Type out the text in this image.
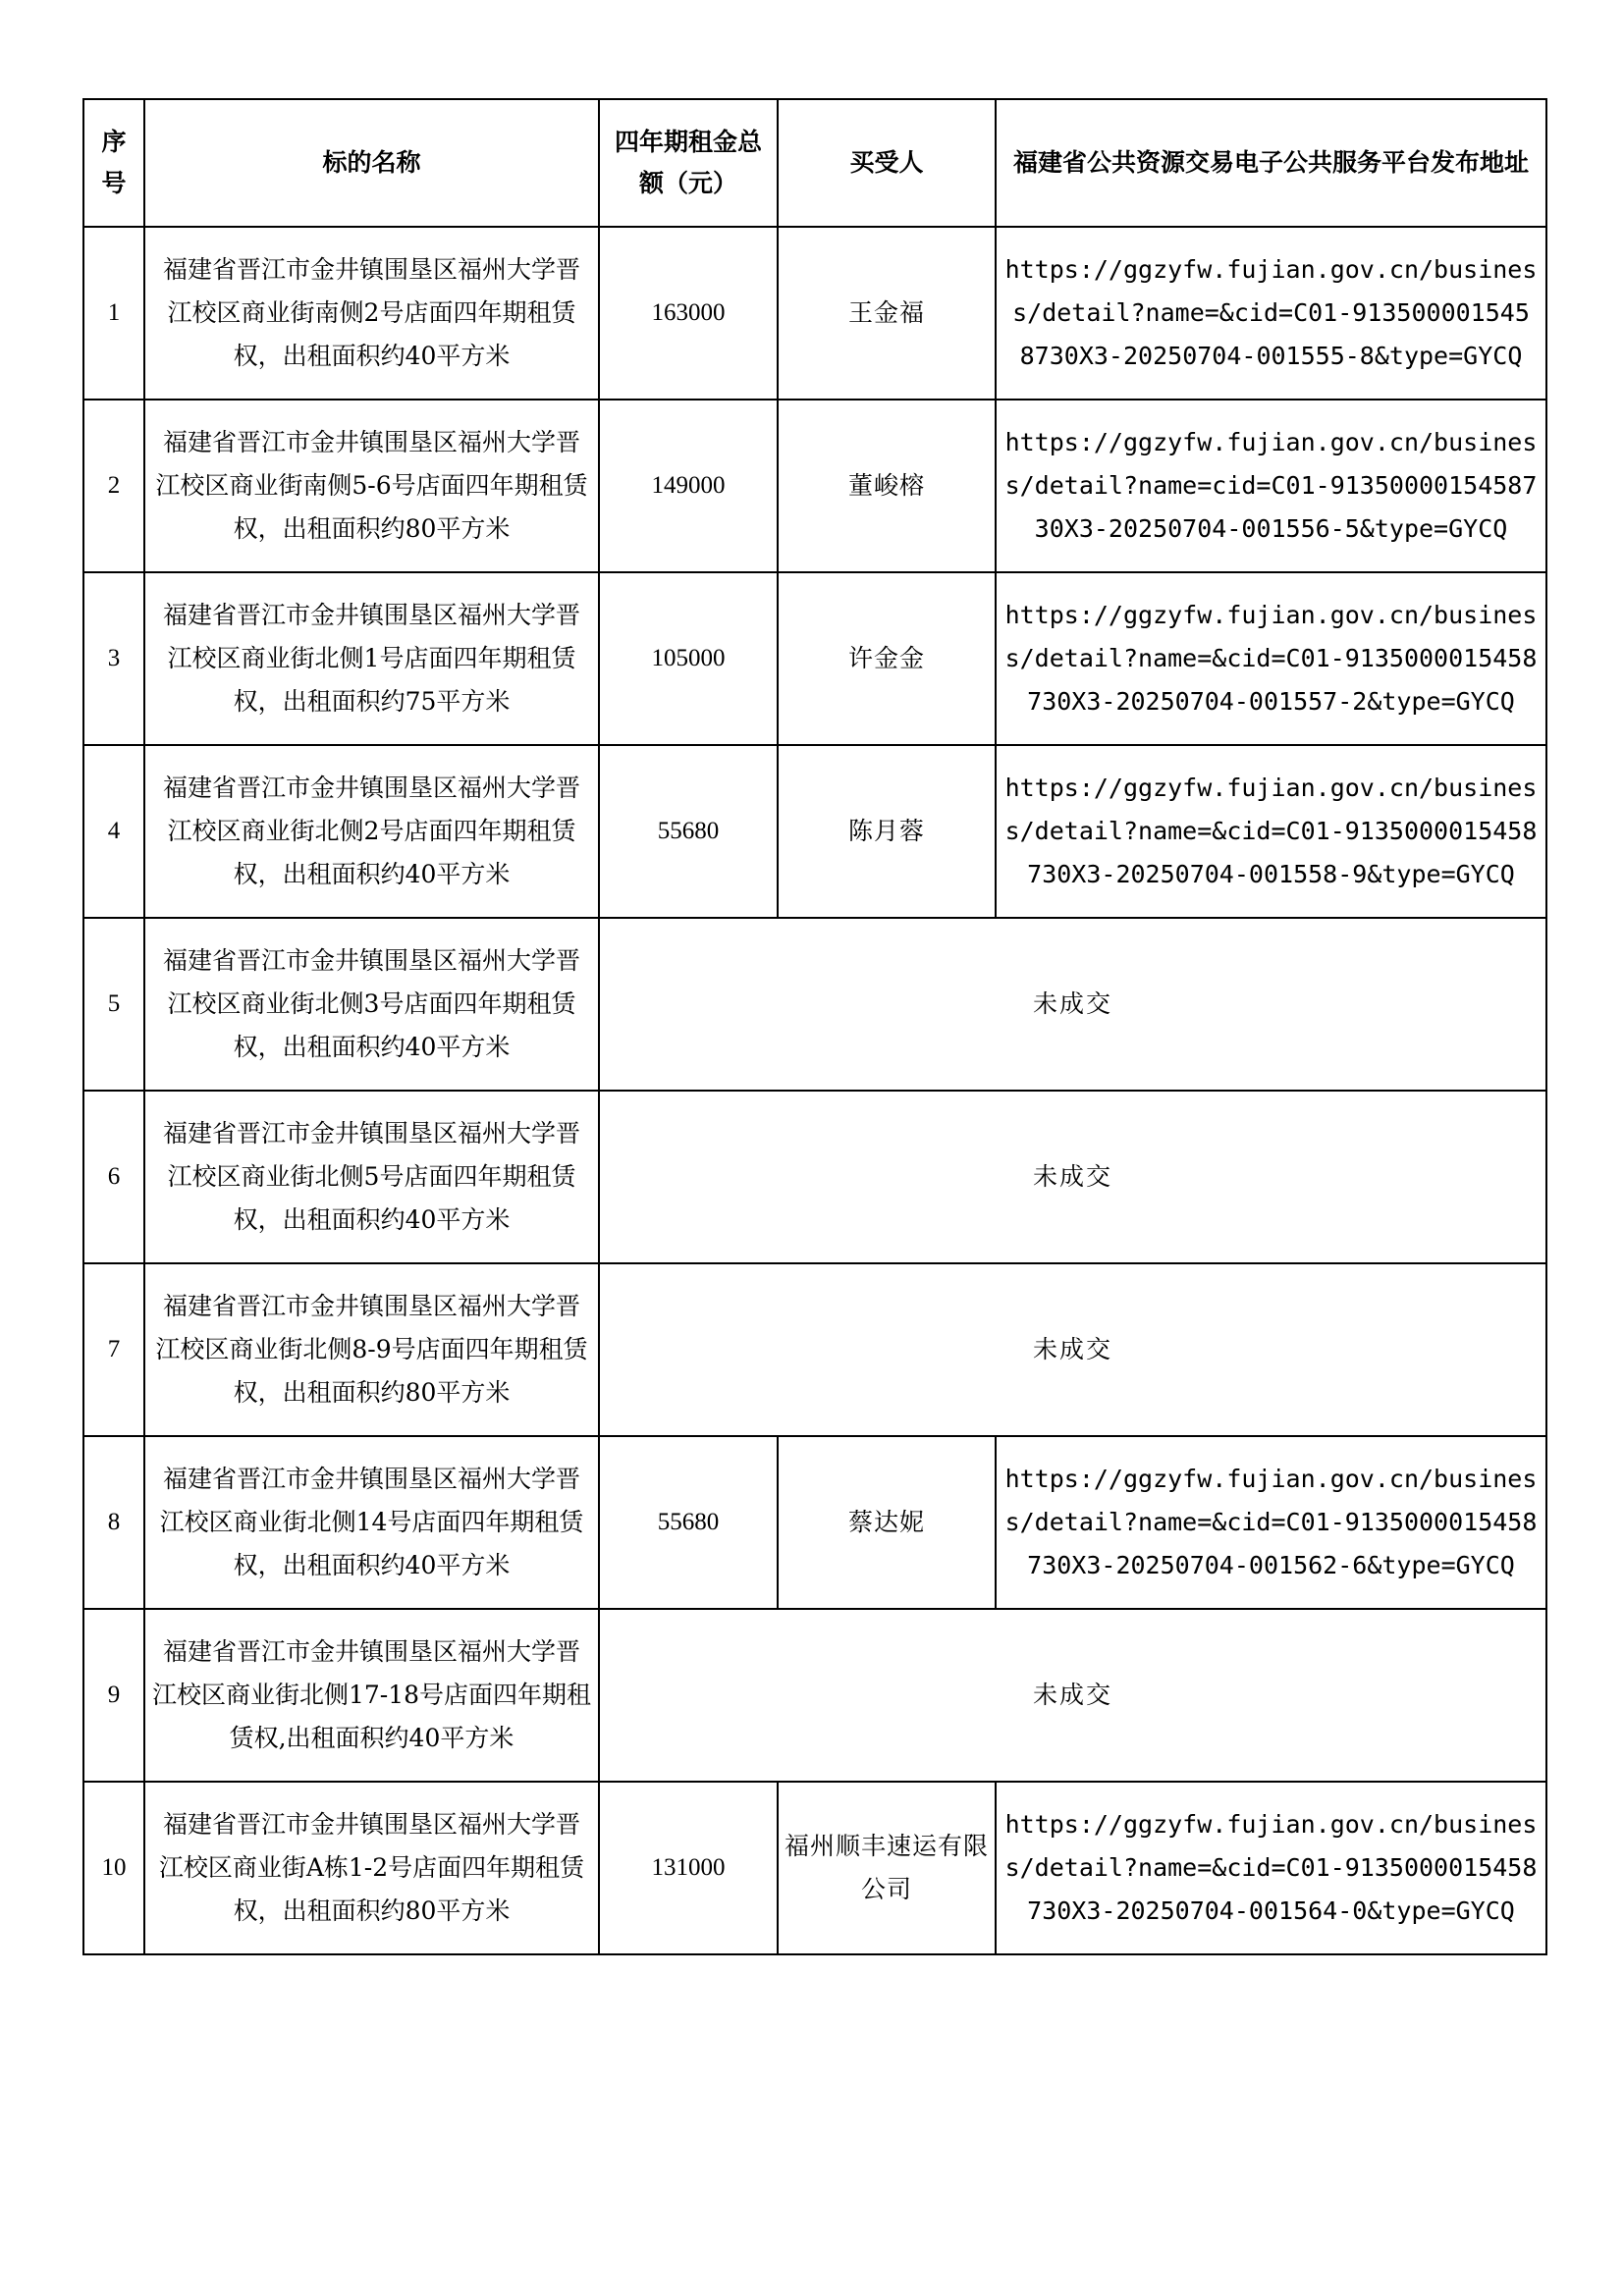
序号	标的名称	四年期租金总额（元）	买受人	福建省公共资源交易电子公共服务平台发布地址
1	福建省晋江市金井镇围垦区福州大学晋江校区商业街南侧2号店面四年期租赁权，出租面积约40平方米	163000	王金福	https://ggzyfw.fujian.gov.cn/business/detail?name=&cid=C01-913500001545 8730X3-20250704-001555-8&type=GYCQ
2	福建省晋江市金井镇围垦区福州大学晋江校区商业街南侧5-6号店面四年期租赁权，出租面积约80平方米	149000	董峻榕	https://ggzyfw.fujian.gov.cn/business/detail?name=cid=C01-9135000015458730X3-20250704-001556-5&type=GYCQ
3	福建省晋江市金井镇围垦区福州大学晋江校区商业街北侧1号店面四年期租赁权，出租面积约75平方米	105000	许金金	https://ggzyfw.fujian.gov.cn/business/detail?name=&cid=C01-9135000015458730X3-20250704-001557-2&type=GYCQ
4	福建省晋江市金井镇围垦区福州大学晋江校区商业街北侧2号店面四年期租赁权，出租面积约40平方米	55680	陈月蓉	https://ggzyfw.fujian.gov.cn/business/detail?name=&cid=C01-9135000015458730X3-20250704-001558-9&type=GYCQ
5	福建省晋江市金井镇围垦区福州大学晋江校区商业街北侧3号店面四年期租赁权，出租面积约40平方米	未成交		
6	福建省晋江市金井镇围垦区福州大学晋江校区商业街北侧5号店面四年期租赁权，出租面积约40平方米	未成交		
7	福建省晋江市金井镇围垦区福州大学晋江校区商业街北侧8-9号店面四年期租赁权，出租面积约80平方米	未成交		
8	福建省晋江市金井镇围垦区福州大学晋江校区商业街北侧14号店面四年期租赁权，出租面积约40平方米	55680	蔡达妮	https://ggzyfw.fujian.gov.cn/business/detail?name=&cid=C01-9135000015458730X3-20250704-001562-6&type=GYCQ
9	福建省晋江市金井镇围垦区福州大学晋江校区商业街北侧17-18号店面四年期租赁权,出租面积约40平方米	未成交		
10	福建省晋江市金井镇围垦区福州大学晋江校区商业街A栋1-2号店面四年期租赁权，出租面积约80平方米	131000	福州顺丰速运有限公司	https://ggzyfw.fujian.gov.cn/business/detail?name=&cid=C01-9135000015458730X3-20250704-001564-0&type=GYCQ
